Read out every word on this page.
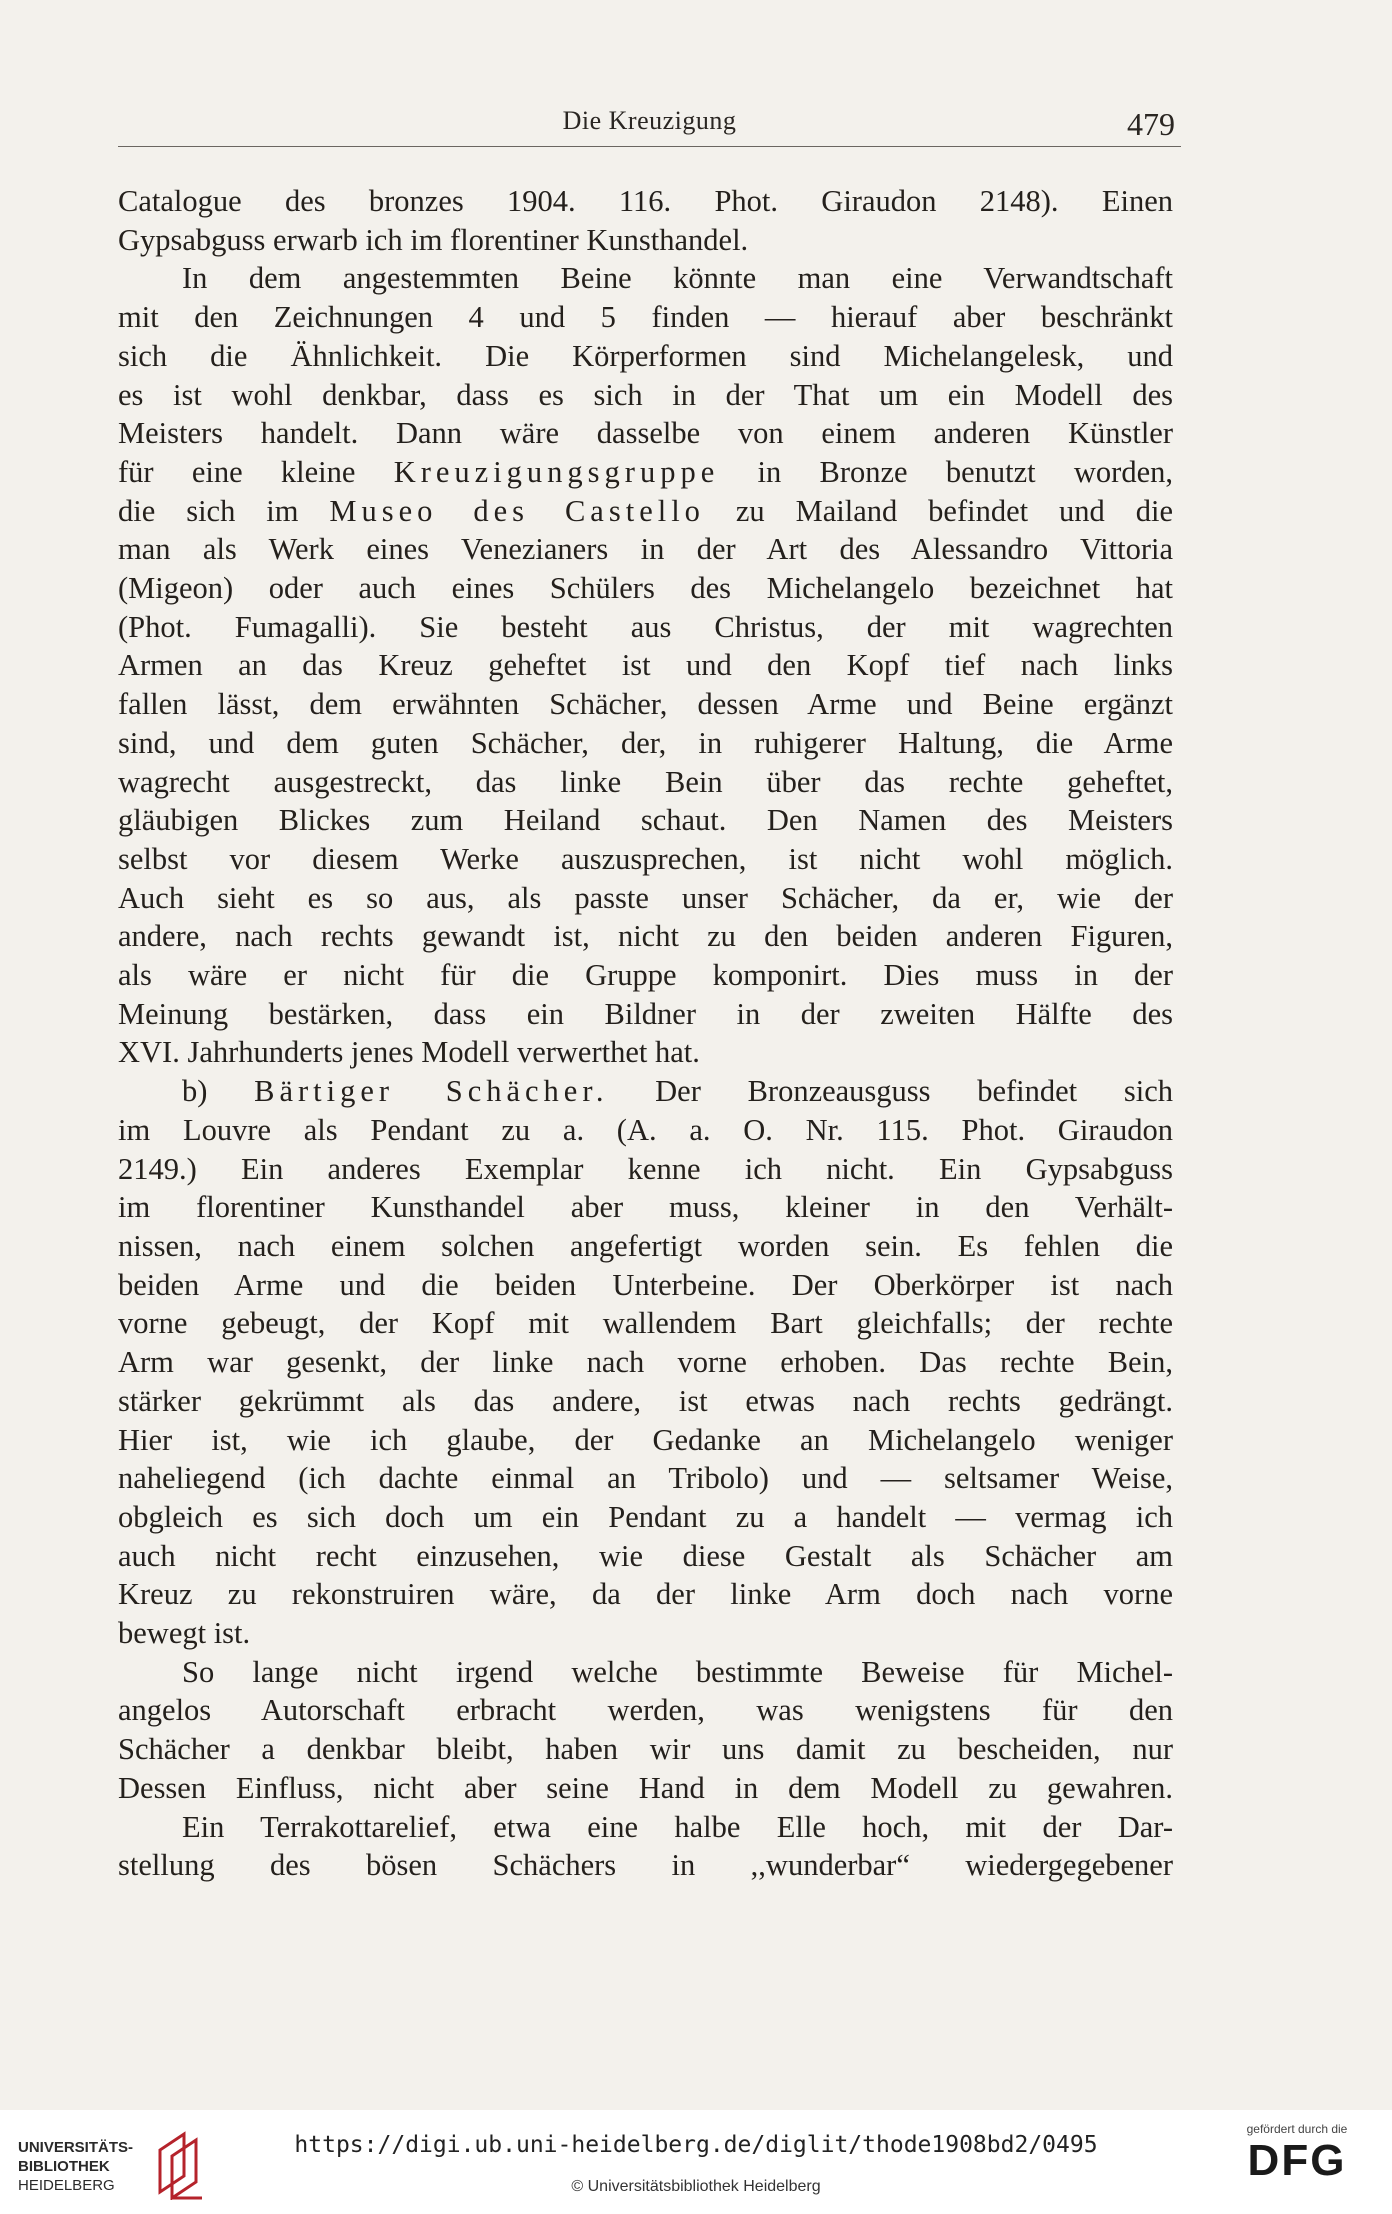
Die Kreuzigung	479
Catalogue des bronzes 1904. 116. Phot. Giraudon 2148). Einen
Gypsabguss erwarb ich im florentiner Kunsthandel.
In dem angestemmten Beine könnte man eine Verwandtschaft
mit den Zeichnungen 4 und 5 finden — hierauf aber beschränkt
sich die Ähnlichkeit. Die Körperformen sind Michelangelesk, und
es ist wohl denkbar, dass es sich in der That um ein Modell des
Meisters handelt. Dann wäre dasselbe von einem anderen Künstler
für eine kleine Kreuzigungsgruppe in Bronze benutzt worden,
die sich im Museo des Castello zu Mailand befindet und die
man als Werk eines Venezianers in der Art des Alessandro Vittoria
(Migeon) oder auch eines Schülers des Michelangelo bezeichnet hat
(Phot. Fumagalli). Sie besteht aus Christus, der mit wagrechten
Armen an das Kreuz geheftet ist und den Kopf tief nach links
fallen lässt, dem erwähnten Schächer, dessen Arme und Beine ergänzt
sind, und dem guten Schächer, der, in ruhigerer Haltung, die Arme
wagrecht ausgestreckt, das linke Bein über das rechte geheftet,
gläubigen Blickes zum Heiland schaut. Den Namen des Meisters
selbst vor diesem Werke auszusprechen, ist nicht wohl möglich.
Auch sieht es so aus, als passte unser Schächer, da er, wie der
andere, nach rechts gewandt ist, nicht zu den beiden anderen Figuren,
als wäre er nicht für die Gruppe komponirt. Dies muss in der
Meinung bestärken, dass ein Bildner in der zweiten Hälfte des
XVI. Jahrhunderts jenes Modell verwerthet hat.
b) Bärtiger Schächer. Der Bronzeausguss befindet sich
im Louvre als Pendant zu a. (A. a. O. Nr. 115. Phot. Giraudon
2149.) Ein anderes Exemplar kenne ich nicht. Ein Gypsabguss
im florentiner Kunsthandel aber muss, kleiner in den Verhält-
nissen, nach einem solchen angefertigt worden sein. Es fehlen die
beiden Arme und die beiden Unterbeine. Der Oberkörper ist nach
vorne gebeugt, der Kopf mit wallendem Bart gleichfalls; der rechte
Arm war gesenkt, der linke nach vorne erhoben. Das rechte Bein,
stärker gekrümmt als das andere, ist etwas nach rechts gedrängt.
Hier ist, wie ich glaube, der Gedanke an Michelangelo weniger
naheliegend (ich dachte einmal an Tribolo) und — seltsamer Weise,
obgleich es sich doch um ein Pendant zu a handelt — vermag ich
auch nicht recht einzusehen, wie diese Gestalt als Schächer am
Kreuz zu rekonstruiren wäre, da der linke Arm doch nach vorne
bewegt ist.
So lange nicht irgend welche bestimmte Beweise für Michel-
angelos Autorschaft erbracht werden, was wenigstens für den
Schächer a denkbar bleibt, haben wir uns damit zu bescheiden, nur
Dessen Einfluss, nicht aber seine Hand in dem Modell zu gewahren.
Ein Terrakottarelief, etwa eine halbe Elle hoch, mit der Dar-
stellung des bösen Schächers in ,,wunderbar“ wiedergegebener
UNIVERSITÄTS-
BIBLIOTHEK
HEIDELBERG
https://digi.ub.uni-heidelberg.de/diglit/thode1908bd2/0495
© Universitätsbibliothek Heidelberg
gefördert durch die
DFG
